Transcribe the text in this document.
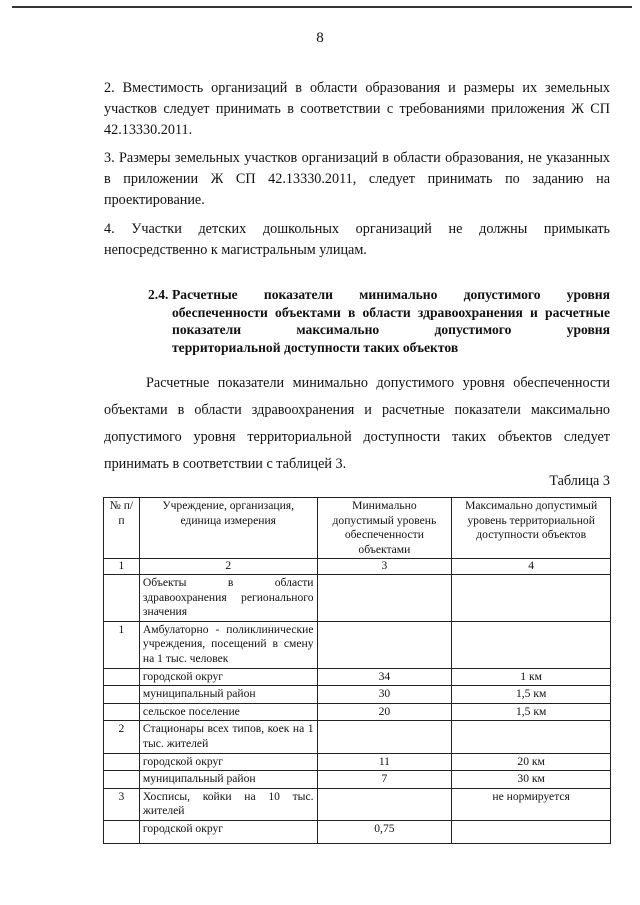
8
2. Вместимость организаций в области образования и размеры их земельных участков следует принимать в соответствии с требованиями приложения Ж СП 42.13330.2011.
3. Размеры земельных участков организаций в области образования, не указанных в приложении Ж СП 42.13330.2011, следует принимать по заданию на проектирование.
4. Участки детских дошкольных организаций не должны примыкать непосредственно к магистральным улицам.
2.4. Расчетные показатели минимально допустимого уровня обеспеченности объектами в области здравоохранения и расчетные показатели максимально допустимого уровня
территориальной доступности таких объектов
Расчетные показатели минимально допустимого уровня обеспеченности объектами в области здравоохранения и расчетные показатели максимально допустимого уровня территориальной доступности таких объектов следует принимать в соответствии с таблицей 3.
Таблица 3
№ п/п	Учреждение, организация, единица измерения	Минимально допустимый уровень обеспеченности объектами	Максимально допустимый уровень территориальной доступности объектов
1	2	3	4
	Объекты в области здравоохранения регионального значения		
1	Амбулаторно - поликлинические учреждения, посещений в смену на 1 тыс. человек		
	городской округ	34	1 км
	муниципальный район	30	1,5 км
	сельское поселение	20	1,5 км
2	Стационары всех типов, коек на 1 тыс. жителей		
	городской округ	11	20 км
	муниципальный район	7	30 км
3	Хосписы, койки на 10 тыс. жителей		не нормируется
	городской округ	0,75	
